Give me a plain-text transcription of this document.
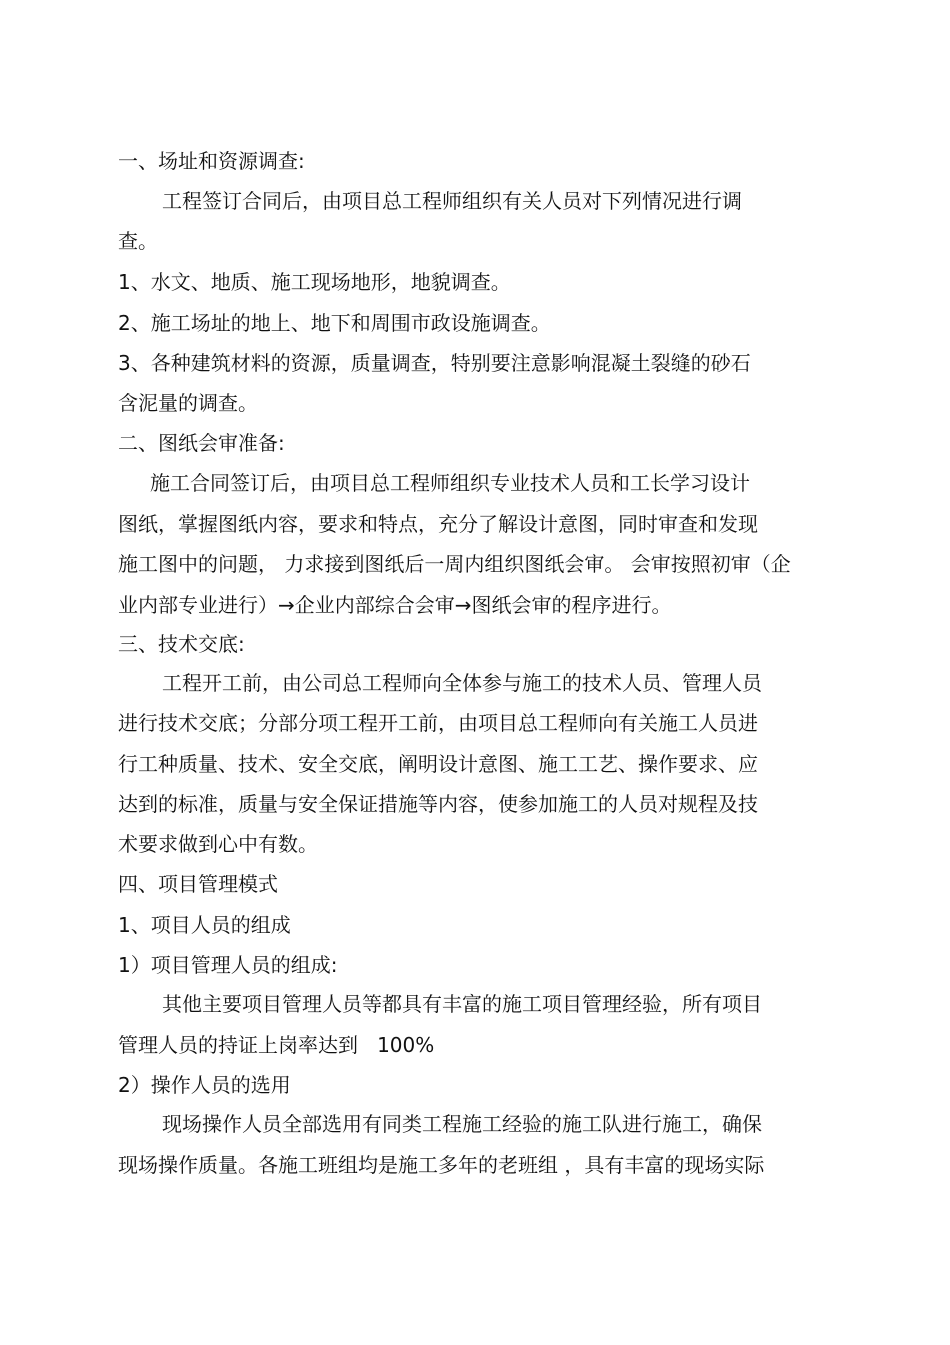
一、场址和资源调查:
工程签订合同后，由项目总工程师组织有关人员对下列情况进行调
查。
1、水文、地质、施工现场地形，地貌调查。
2、施工场址的地上、地下和周围市政设施调查。
3、各种建筑材料的资源，质量调查，特别要注意影响混凝土裂缝的砂石
含泥量的调查。
二、图纸会审准备:
施工合同签订后，由项目总工程师组织专业技术人员和工长学习设计
图纸，掌握图纸内容，要求和特点，充分了解设计意图，同时审查和发现
施工图中的问题， 力求接到图纸后一周内组织图纸会审。 会审按照初审（企
业内部专业进行）→企业内部综合会审→图纸会审的程序进行。
三、技术交底:
工程开工前，由公司总工程师向全体参与施工的技术人员、管理人员
进行技术交底；分部分项工程开工前，由项目总工程师向有关施工人员进
行工种质量、技术、安全交底，阐明设计意图、施工工艺、操作要求、应
达到的标准，质量与安全保证措施等内容，使参加施工的人员对规程及技
术要求做到心中有数。
四、项目管理模式
1、项目人员的组成
1）项目管理人员的组成:
其他主要项目管理人员等都具有丰富的施工项目管理经验，所有项目
管理人员的持证上岗率达到   100%
2）操作人员的选用
现场操作人员全部选用有同类工程施工经验的施工队进行施工，确保
现场操作质量。各施工班组均是施工多年的老班组 ，具有丰富的现场实际
